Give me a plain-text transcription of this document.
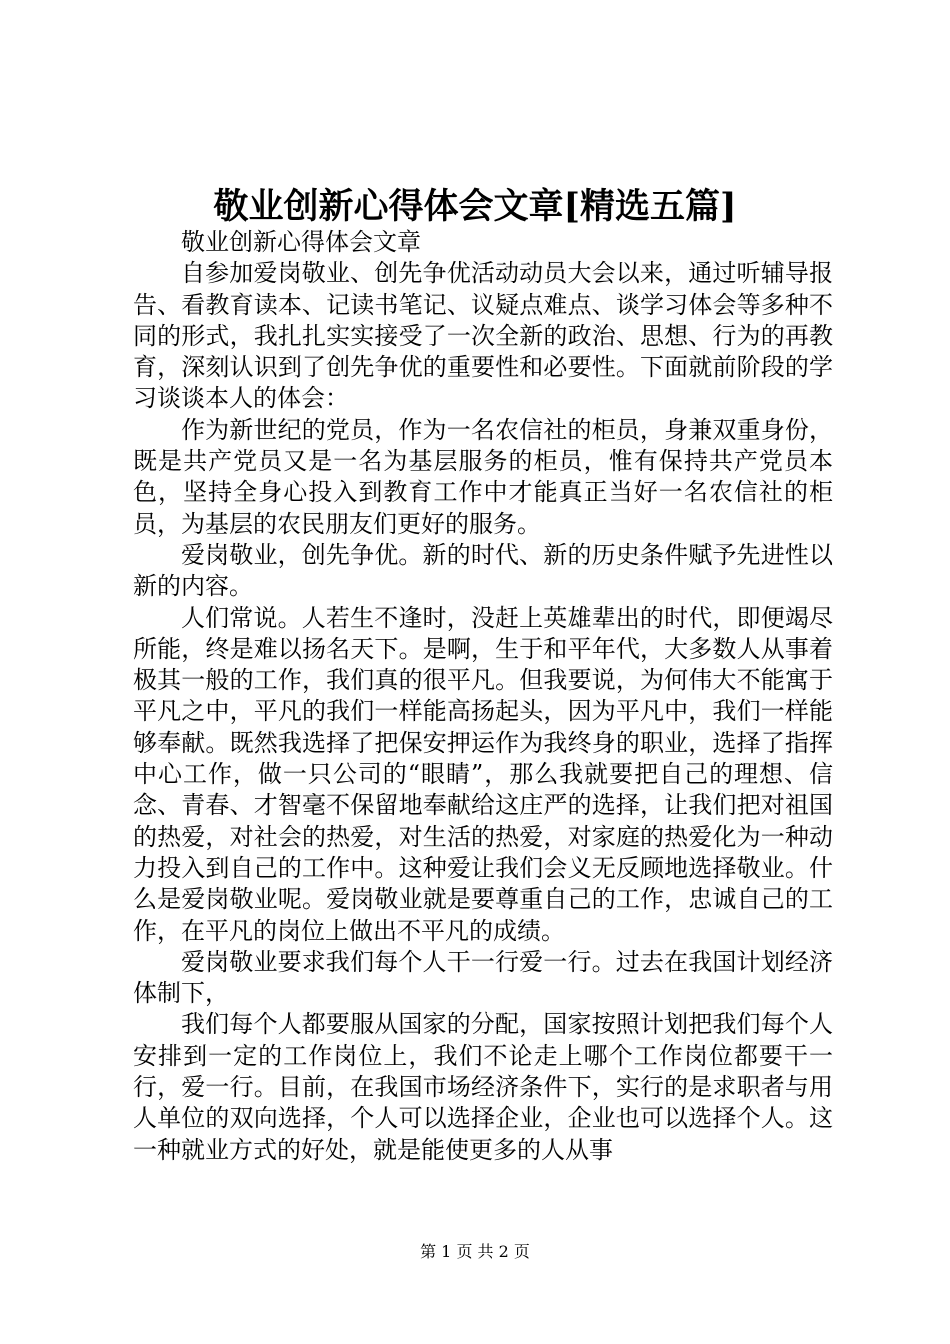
敬业创新心得体会文章[精选五篇]

敬业创新心得体会文章

自参加爱岗敬业、创先争优活动动员大会以来，通过听辅导报告、看教育读本、记读书笔记、议疑点难点、谈学习体会等多种不同的形式，我扎扎实实接受了一次全新的政治、思想、行为的再教育，深刻认识到了创先争优的重要性和必要性。下面就前阶段的学习谈谈本人的体会：

作为新世纪的党员，作为一名农信社的柜员，身兼双重身份，既是共产党员又是一名为基层服务的柜员，惟有保持共产党员本色，坚持全身心投入到教育工作中才能真正当好一名农信社的柜员，为基层的农民朋友们更好的服务。

爱岗敬业，创先争优。新的时代、新的历史条件赋予先进性以新的内容。

人们常说。人若生不逢时，没赶上英雄辈出的时代，即便竭尽所能，终是难以扬名天下。是啊，生于和平年代，大多数人从事着极其一般的工作，我们真的很平凡。但我要说，为何伟大不能寓于平凡之中，平凡的我们一样能高扬起头，因为平凡中，我们一样能够奉献。既然我选择了把保安押运作为我终身的职业，选择了指挥中心工作，做一只公司的“眼睛”，那么我就要把自己的理想、信念、青春、才智毫不保留地奉献给这庄严的选择，让我们把对祖国的热爱，对社会的热爱，对生活的热爱，对家庭的热爱化为一种动力投入到自己的工作中。这种爱让我们会义无反顾地选择敬业。什么是爱岗敬业呢。爱岗敬业就是要尊重自己的工作，忠诚自己的工作，在平凡的岗位上做出不平凡的成绩。

爱岗敬业要求我们每个人干一行爱一行。过去在我国计划经济体制下，

我们每个人都要服从国家的分配，国家按照计划把我们每个人安排到一定的工作岗位上，我们不论走上哪个工作岗位都要干一行，爱一行。目前，在我国市场经济条件下，实行的是求职者与用人单位的双向选择，个人可以选择企业，企业也可以选择个人。这一种就业方式的好处，就是能使更多的人从事

第 1 页 共 2 页
